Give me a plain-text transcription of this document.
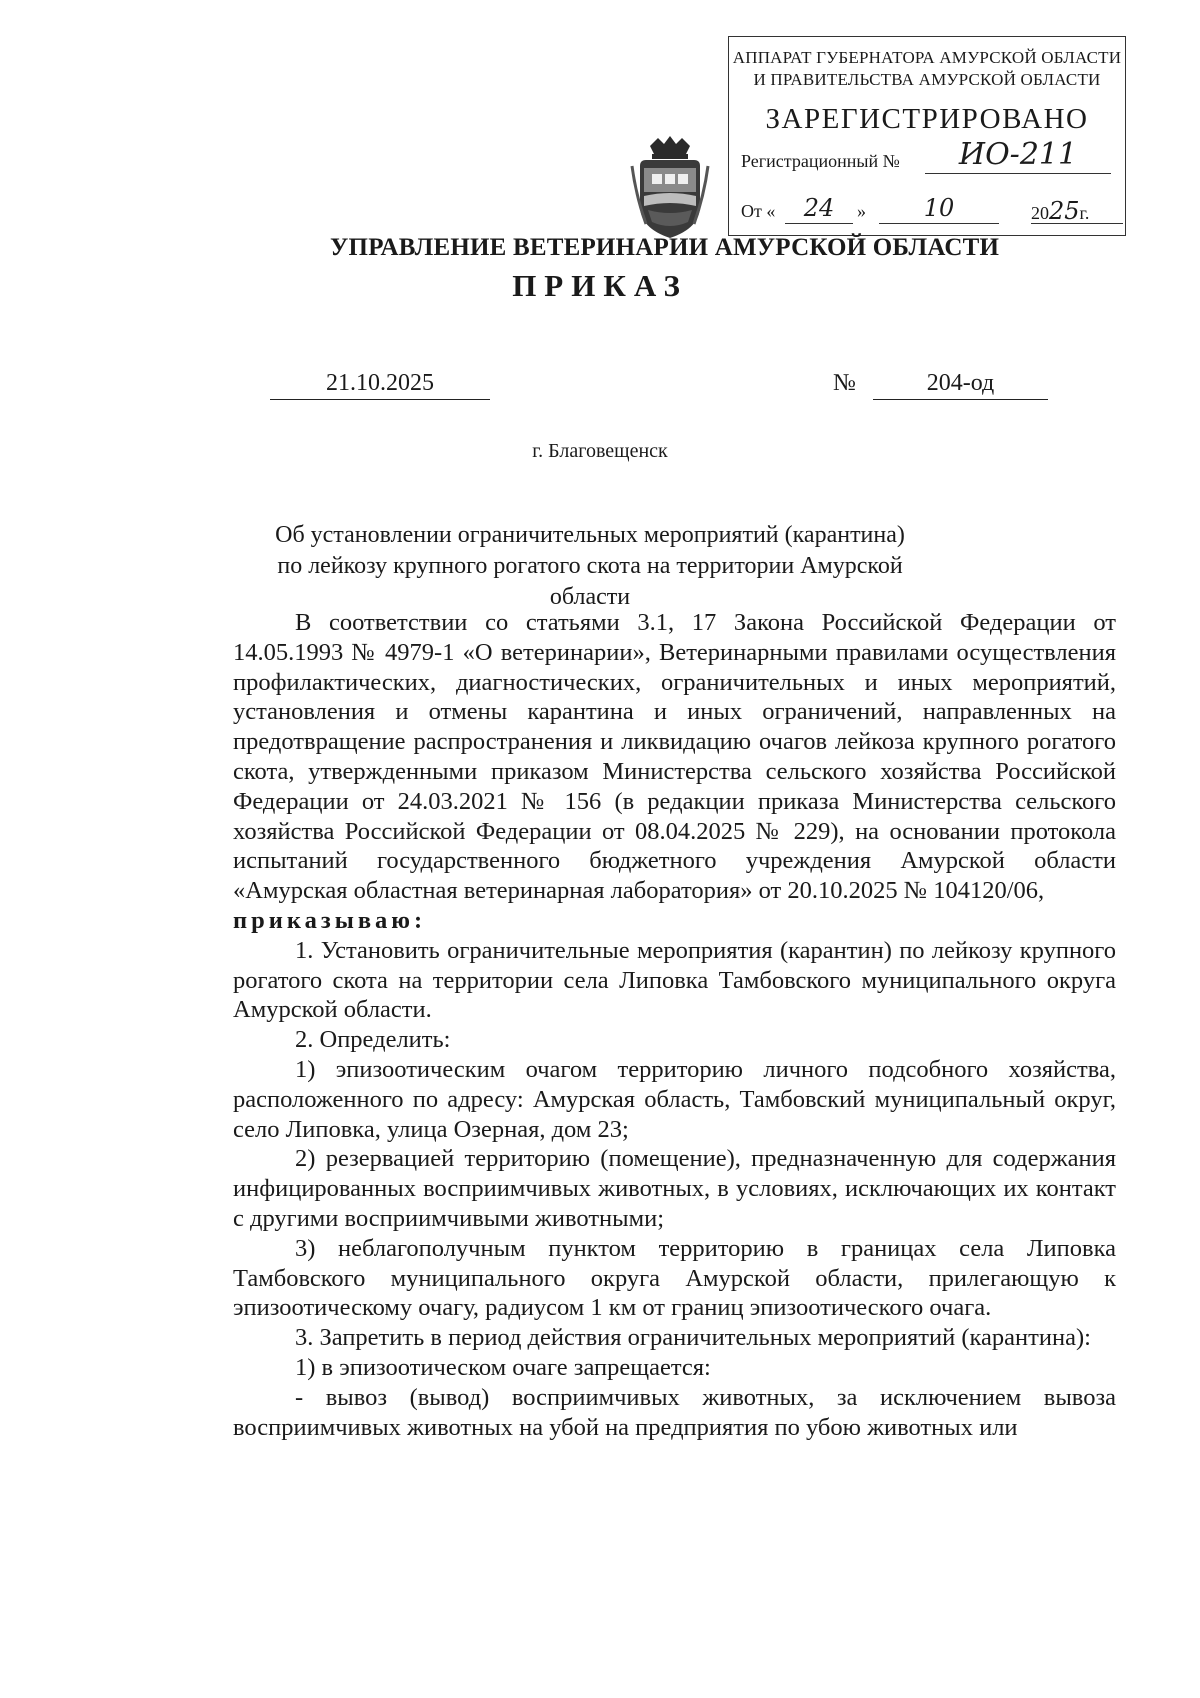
АППАРАТ ГУБЕРНАТОРА АМУРСКОЙ ОБЛАСТИ
И ПРАВИТЕЛЬСТВА АМУРСКОЙ ОБЛАСТИ
ЗАРЕГИСТРИРОВАНО
Регистрационный №	ИО-211
От «	24	»	10	2025г.
УПРАВЛЕНИЕ ВЕТЕРИНАРИИ АМУРСКОЙ ОБЛАСТИ
ПРИКАЗ
21.10.2025	№	204-од
г. Благовещенск
Об установлении ограничительных мероприятий (карантина) по лейкозу крупного рогатого скота на территории Амурской области

В соответствии со статьями 3.1, 17 Закона Российской Федерации от 14.05.1993 № 4979-1 «О ветеринарии», Ветеринарными правилами осуществления профилактических, диагностических, ограничительных и иных мероприятий, установления и отмены карантина и иных ограничений, направленных на предотвращение распространения и ликвидацию очагов лейкоза крупного рогатого скота, утвержденными приказом Министерства сельского хозяйства Российской Федерации от 24.03.2021 № 156 (в редакции приказа Министерства сельского хозяйства Российской Федерации от 08.04.2025 № 229), на основании протокола испытаний государственного бюджетного учреждения Амурской области «Амурская областная ветеринарная лаборатория» от 20.10.2025 № 104120/06,

приказываю:

1. Установить ограничительные мероприятия (карантин) по лейкозу крупного рогатого скота на территории села Липовка Тамбовского муниципального округа Амурской области.

2. Определить:

1) эпизоотическим очагом территорию личного подсобного хозяйства, расположенного по адресу: Амурская область, Тамбовский муниципальный округ, село Липовка, улица Озерная, дом 23;

2) резервацией территорию (помещение), предназначенную для содержания инфицированных восприимчивых животных, в условиях, исключающих их контакт с другими восприимчивыми животными;

3) неблагополучным пунктом территорию в границах села Липовка Тамбовского муниципального округа Амурской области, прилегающую к эпизоотическому очагу, радиусом 1 км от границ эпизоотического очага.

3. Запретить в период действия ограничительных мероприятий (карантина):

1) в эпизоотическом очаге запрещается:

- вывоз (вывод) восприимчивых животных, за исключением вывоза восприимчивых животных на убой на предприятия по убою животных или
